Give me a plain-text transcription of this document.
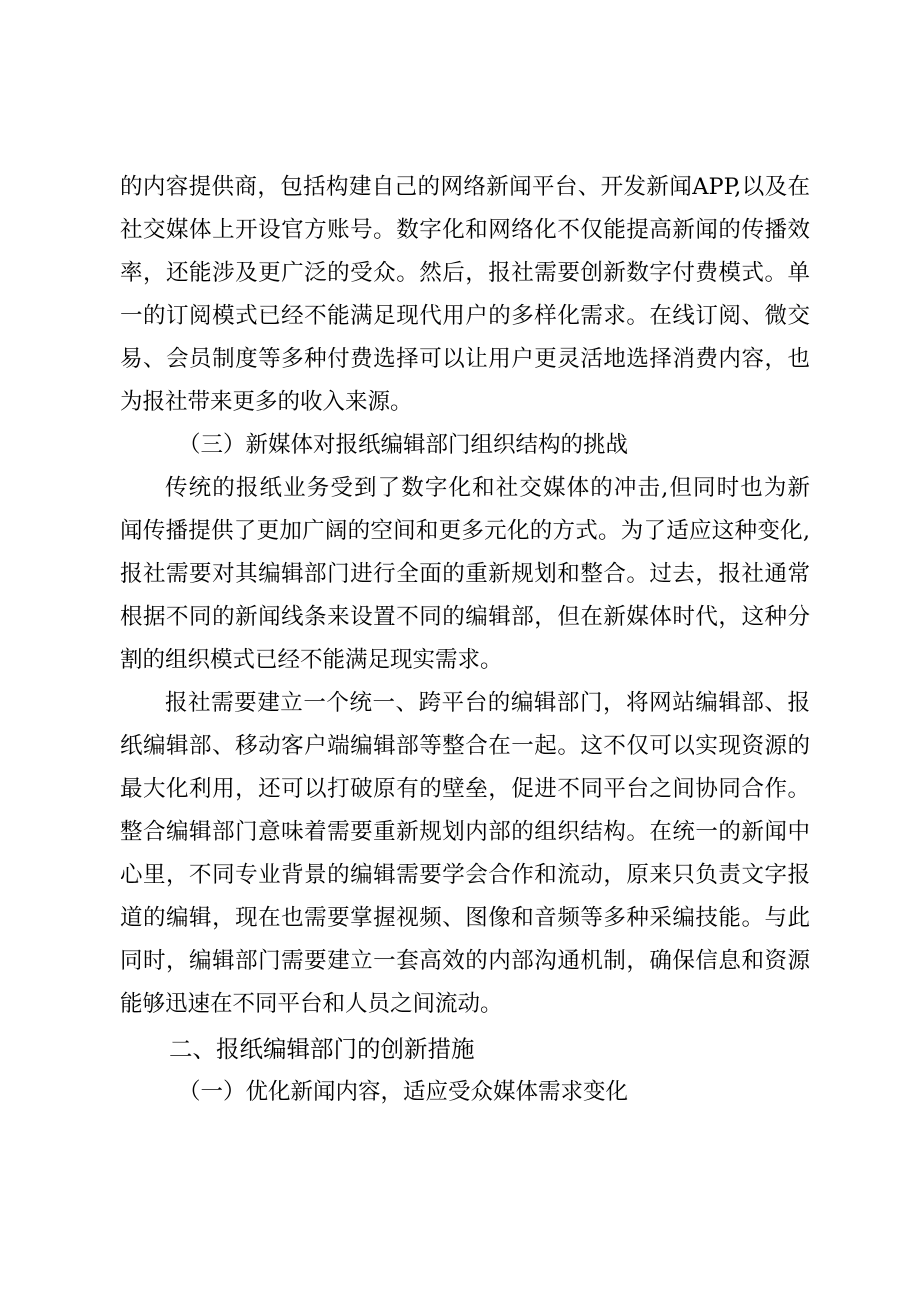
的内容提供商，包括构建自己的网络新闻平台、开发新闻APP,以及在
社交媒体上开设官方账号。数字化和网络化不仅能提高新闻的传播效
率，还能涉及更广泛的受众。然后，报社需要创新数字付费模式。单
一的订阅模式已经不能满足现代用户的多样化需求。在线订阅、微交
易、会员制度等多种付费选择可以让用户更灵活地选择消费内容，也
为报社带来更多的收入来源。
（三）新媒体对报纸编辑部门组织结构的挑战
传统的报纸业务受到了数字化和社交媒体的冲击,但同时也为新
闻传播提供了更加广阔的空间和更多元化的方式。为了适应这种变化,
报社需要对其编辑部门进行全面的重新规划和整合。过去，报社通常
根据不同的新闻线条来设置不同的编辑部，但在新媒体时代，这种分
割的组织模式已经不能满足现实需求。
报社需要建立一个统一、跨平台的编辑部门，将网站编辑部、报
纸编辑部、移动客户端编辑部等整合在一起。这不仅可以实现资源的
最大化利用，还可以打破原有的壁垒，促进不同平台之间协同合作。
整合编辑部门意味着需要重新规划内部的组织结构。在统一的新闻中
心里，不同专业背景的编辑需要学会合作和流动，原来只负责文字报
道的编辑，现在也需要掌握视频、图像和音频等多种采编技能。与此
同时，编辑部门需要建立一套高效的内部沟通机制，确保信息和资源
能够迅速在不同平台和人员之间流动。
二、报纸编辑部门的创新措施
（一）优化新闻内容，适应受众媒体需求变化
